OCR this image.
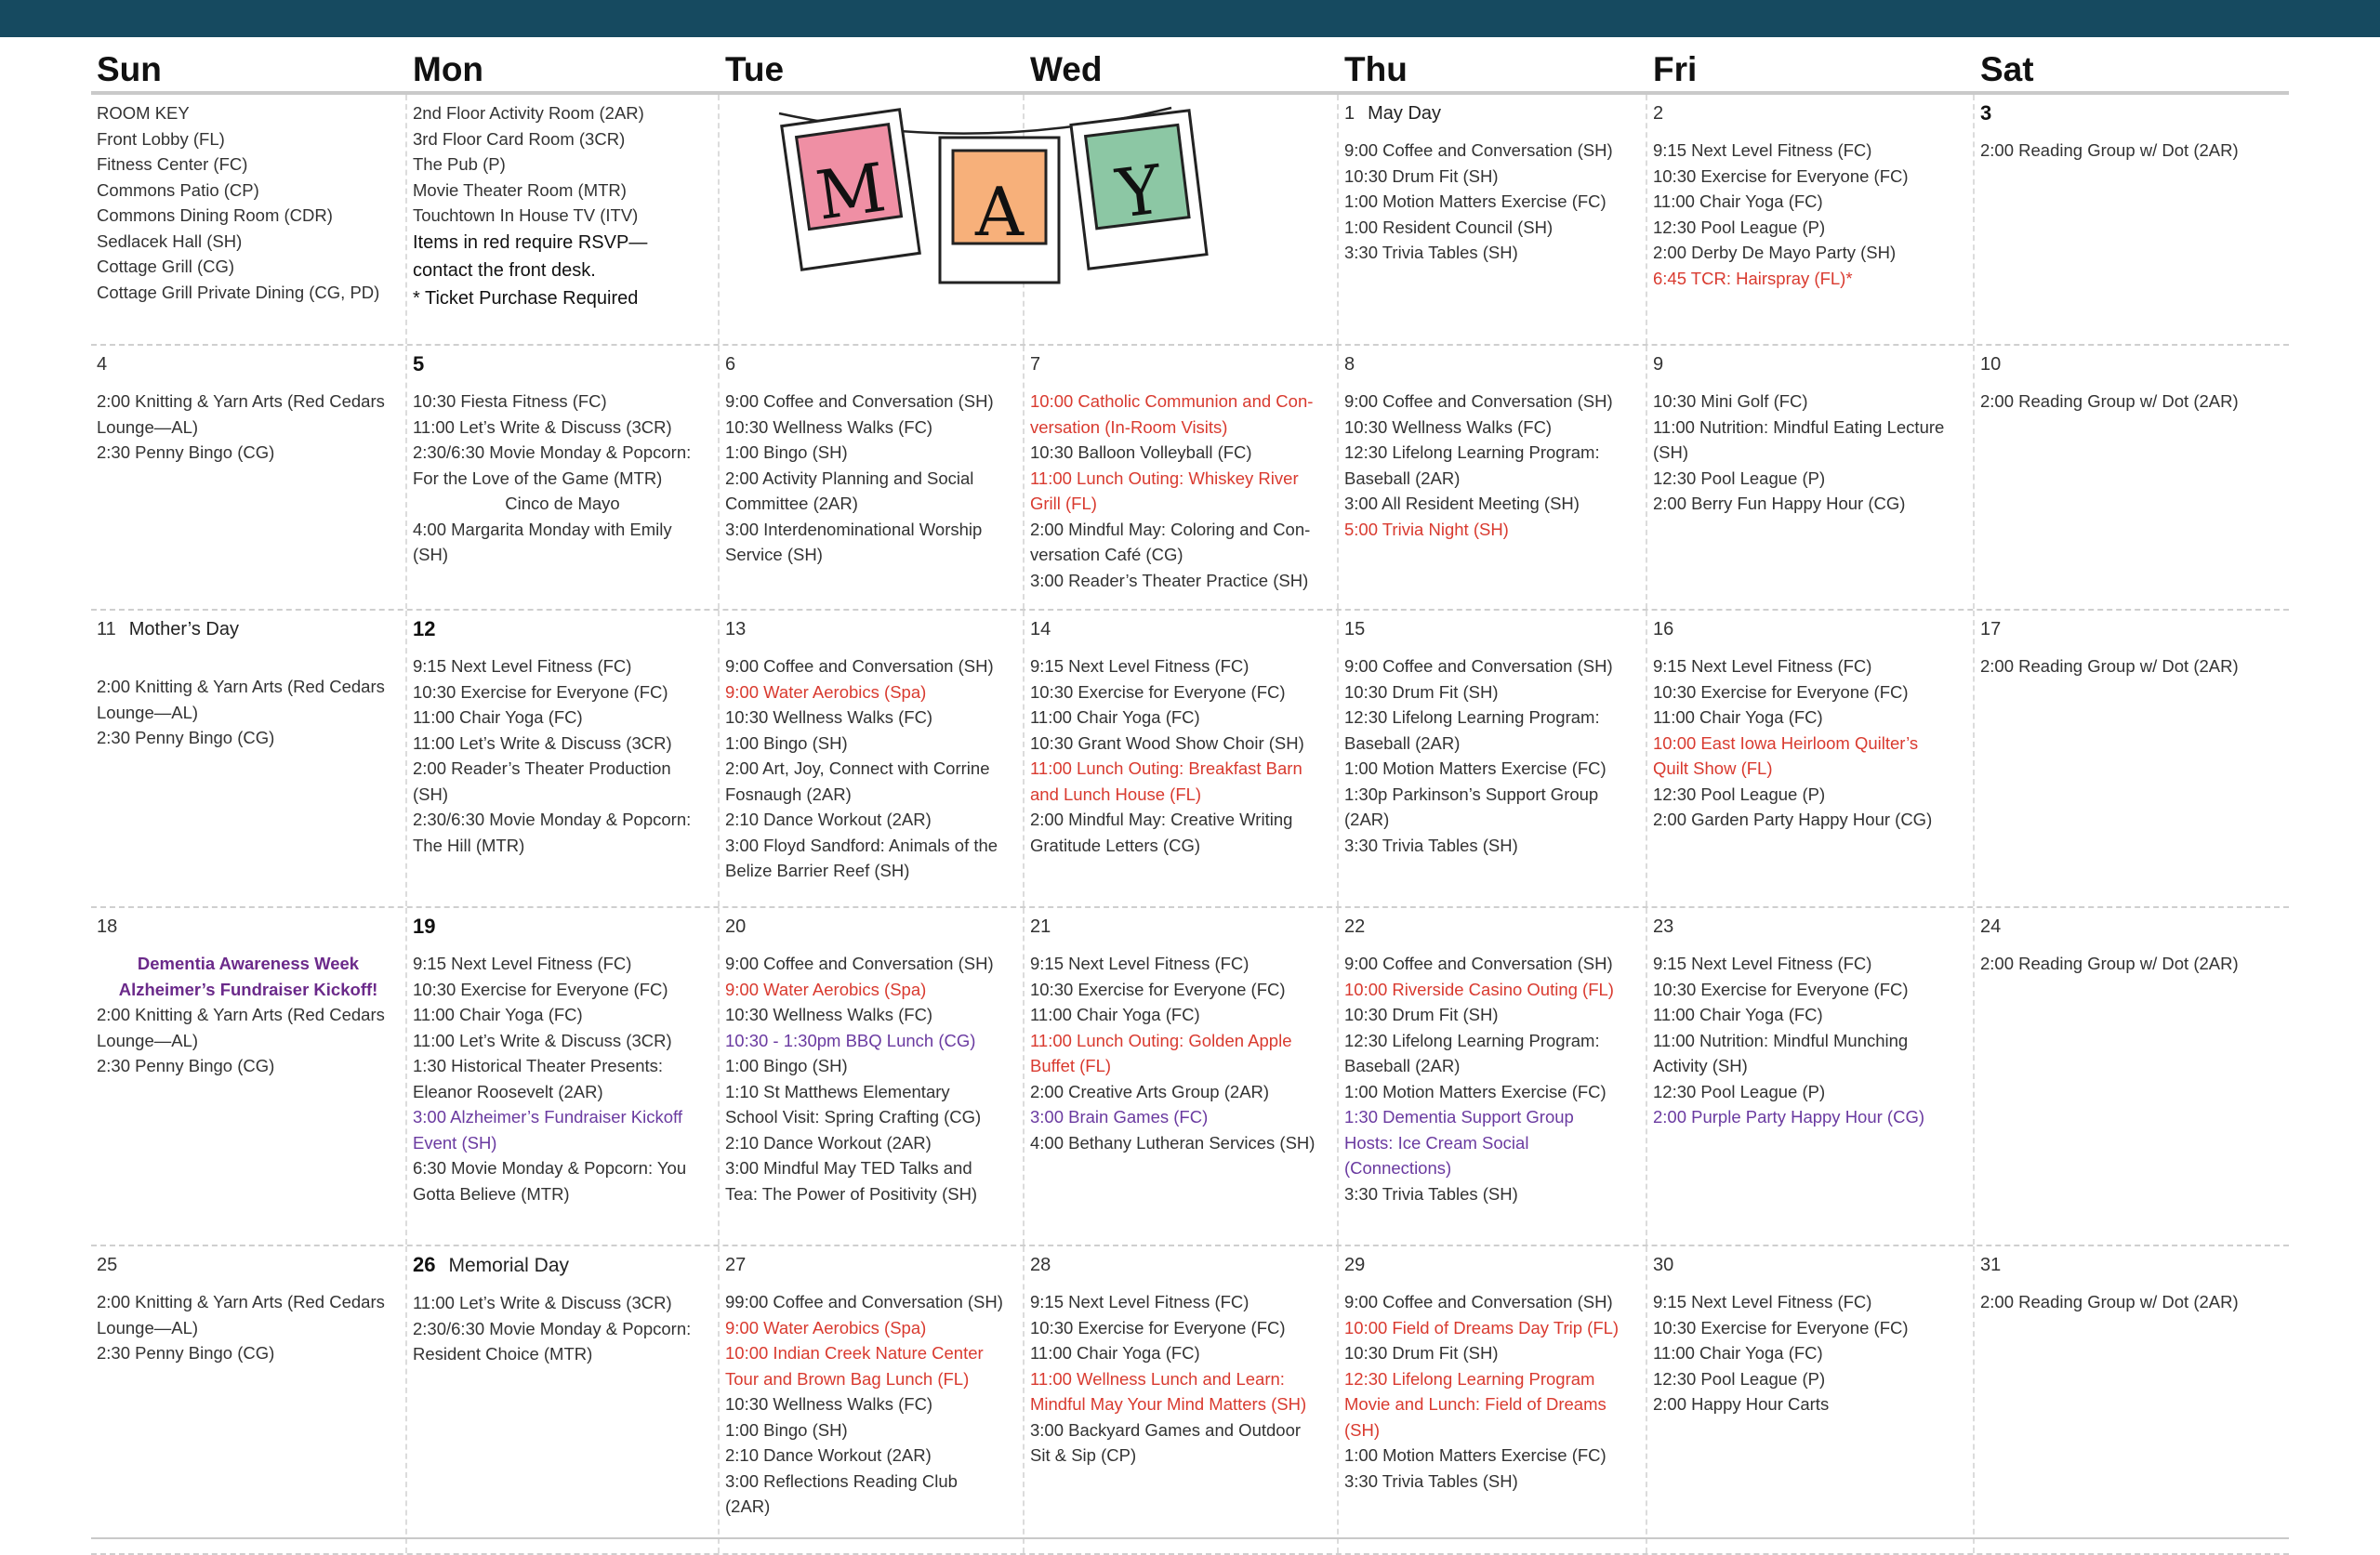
Sun	Mon	Tue	Wed	Thu	Fri	Sat
ROOM KEY
Front Lobby (FL)
Fitness Center (FC)
Commons Patio (CP)
Commons Dining Room (CDR)
Sedlacek Hall (SH)
Cottage Grill (CG)
Cottage Grill Private Dining (CG, PD)
2nd Floor Activity Room (2AR)
3rd Floor Card Room (3CR)
The Pub (P)
Movie Theater Room (MTR)
Touchtown In House TV (ITV)
Items in red require RSVP—
contact the front desk.
* Ticket Purchase Required
1 May Day
9:00 Coffee and Conversation (SH)
10:30 Drum Fit (SH)
1:00 Motion Matters Exercise (FC)
1:00 Resident Council (SH)
3:30 Trivia Tables (SH)
2
9:15 Next Level Fitness (FC)
10:30 Exercise for Everyone (FC)
11:00 Chair Yoga (FC)
12:30 Pool League (P)
2:00 Derby De Mayo Party (SH)
6:45 TCR: Hairspray (FL)*
3
2:00 Reading Group w/ Dot (2AR)
4
2:00 Knitting & Yarn Arts (Red Cedars
Lounge—AL)
2:30 Penny Bingo (CG)
5
10:30 Fiesta Fitness (FC)
11:00 Let’s Write & Discuss (3CR)
2:30/6:30 Movie Monday & Popcorn:
For the Love of the Game (MTR)
Cinco de Mayo
4:00 Margarita Monday with Emily
(SH)
6
9:00 Coffee and Conversation (SH)
10:30 Wellness Walks (FC)
1:00 Bingo (SH)
2:00 Activity Planning and Social
Committee (2AR)
3:00 Interdenominational Worship
Service (SH)
7
10:00 Catholic Communion and Con-
versation (In-Room Visits)
10:30 Balloon Volleyball (FC)
11:00 Lunch Outing: Whiskey River
Grill (FL)
2:00 Mindful May: Coloring and Con-
versation Café (CG)
3:00 Reader’s Theater Practice (SH)
8
9:00 Coffee and Conversation (SH)
10:30 Wellness Walks (FC)
12:30 Lifelong Learning Program:
Baseball (2AR)
3:00 All Resident Meeting (SH)
5:00 Trivia Night (SH)
9
10:30 Mini Golf (FC)
11:00 Nutrition: Mindful Eating Lecture
(SH)
12:30 Pool League (P)
2:00 Berry Fun Happy Hour (CG)
10
2:00 Reading Group w/ Dot (2AR)
11 Mother’s Day
2:00 Knitting & Yarn Arts (Red Cedars
Lounge—AL)
2:30 Penny Bingo (CG)
12
9:15 Next Level Fitness (FC)
10:30 Exercise for Everyone (FC)
11:00 Chair Yoga (FC)
11:00 Let’s Write & Discuss (3CR)
2:00 Reader’s Theater Production
(SH)
2:30/6:30 Movie Monday & Popcorn:
The Hill (MTR)
13
9:00 Coffee and Conversation (SH)
9:00 Water Aerobics (Spa)
10:30 Wellness Walks (FC)
1:00 Bingo (SH)
2:00 Art, Joy, Connect with Corrine
Fosnaugh (2AR)
2:10 Dance Workout (2AR)
3:00 Floyd Sandford: Animals of the
Belize Barrier Reef (SH)
14
9:15 Next Level Fitness (FC)
10:30 Exercise for Everyone (FC)
11:00 Chair Yoga (FC)
10:30 Grant Wood Show Choir (SH)
11:00 Lunch Outing: Breakfast Barn
and Lunch House (FL)
2:00 Mindful May: Creative Writing
Gratitude Letters (CG)
15
9:00 Coffee and Conversation (SH)
10:30 Drum Fit (SH)
12:30 Lifelong Learning Program:
Baseball (2AR)
1:00 Motion Matters Exercise (FC)
1:30p Parkinson’s Support Group
(2AR)
3:30 Trivia Tables (SH)
16
9:15 Next Level Fitness (FC)
10:30 Exercise for Everyone (FC)
11:00 Chair Yoga (FC)
10:00 East Iowa Heirloom Quilter’s
Quilt Show (FL)
12:30 Pool League (P)
2:00 Garden Party Happy Hour (CG)
17
2:00 Reading Group w/ Dot (2AR)
18
Dementia Awareness Week
Alzheimer’s Fundraiser Kickoff!
2:00 Knitting & Yarn Arts (Red Cedars
Lounge—AL)
2:30 Penny Bingo (CG)
19
9:15 Next Level Fitness (FC)
10:30 Exercise for Everyone (FC)
11:00 Chair Yoga (FC)
11:00 Let’s Write & Discuss (3CR)
1:30 Historical Theater Presents:
Eleanor Roosevelt (2AR)
3:00 Alzheimer’s Fundraiser Kickoff
Event (SH)
6:30 Movie Monday & Popcorn: You
Gotta Believe (MTR)
20
9:00 Coffee and Conversation (SH)
9:00 Water Aerobics (Spa)
10:30 Wellness Walks (FC)
10:30 - 1:30pm BBQ Lunch (CG)
1:00 Bingo (SH)
1:10 St Matthews Elementary
School Visit: Spring Crafting (CG)
2:10 Dance Workout (2AR)
3:00 Mindful May TED Talks and
Tea: The Power of Positivity (SH)
21
9:15 Next Level Fitness (FC)
10:30 Exercise for Everyone (FC)
11:00 Chair Yoga (FC)
11:00 Lunch Outing: Golden Apple
Buffet (FL)
2:00 Creative Arts Group (2AR)
3:00 Brain Games (FC)
4:00 Bethany Lutheran Services (SH)
22
9:00 Coffee and Conversation (SH)
10:00 Riverside Casino Outing (FL)
10:30 Drum Fit (SH)
12:30 Lifelong Learning Program:
Baseball (2AR)
1:00 Motion Matters Exercise (FC)
1:30 Dementia Support Group
Hosts: Ice Cream Social
(Connections)
3:30 Trivia Tables (SH)
23
9:15 Next Level Fitness (FC)
10:30 Exercise for Everyone (FC)
11:00 Chair Yoga (FC)
11:00 Nutrition: Mindful Munching
Activity (SH)
12:30 Pool League (P)
2:00 Purple Party Happy Hour (CG)
24
2:00 Reading Group w/ Dot (2AR)
25
2:00 Knitting & Yarn Arts (Red Cedars
Lounge—AL)
2:30 Penny Bingo (CG)
26 Memorial Day
11:00 Let’s Write & Discuss (3CR)
2:30/6:30 Movie Monday & Popcorn:
Resident Choice (MTR)
27
99:00 Coffee and Conversation (SH)
9:00 Water Aerobics (Spa)
10:00 Indian Creek Nature Center
Tour and Brown Bag Lunch (FL)
10:30 Wellness Walks (FC)
1:00 Bingo (SH)
2:10 Dance Workout (2AR)
3:00 Reflections Reading Club
(2AR)
28
9:15 Next Level Fitness (FC)
10:30 Exercise for Everyone (FC)
11:00 Chair Yoga (FC)
11:00 Wellness Lunch and Learn:
Mindful May Your Mind Matters (SH)
3:00 Backyard Games and Outdoor
Sit & Sip (CP)
29
9:00 Coffee and Conversation (SH)
10:00 Field of Dreams Day Trip (FL)
10:30 Drum Fit (SH)
12:30 Lifelong Learning Program
Movie and Lunch: Field of Dreams
(SH)
1:00 Motion Matters Exercise (FC)
3:30 Trivia Tables (SH)
30
9:15 Next Level Fitness (FC)
10:30 Exercise for Everyone (FC)
11:00 Chair Yoga (FC)
12:30 Pool League (P)
2:00 Happy Hour Carts
31
2:00 Reading Group w/ Dot (2AR)
M A Y
